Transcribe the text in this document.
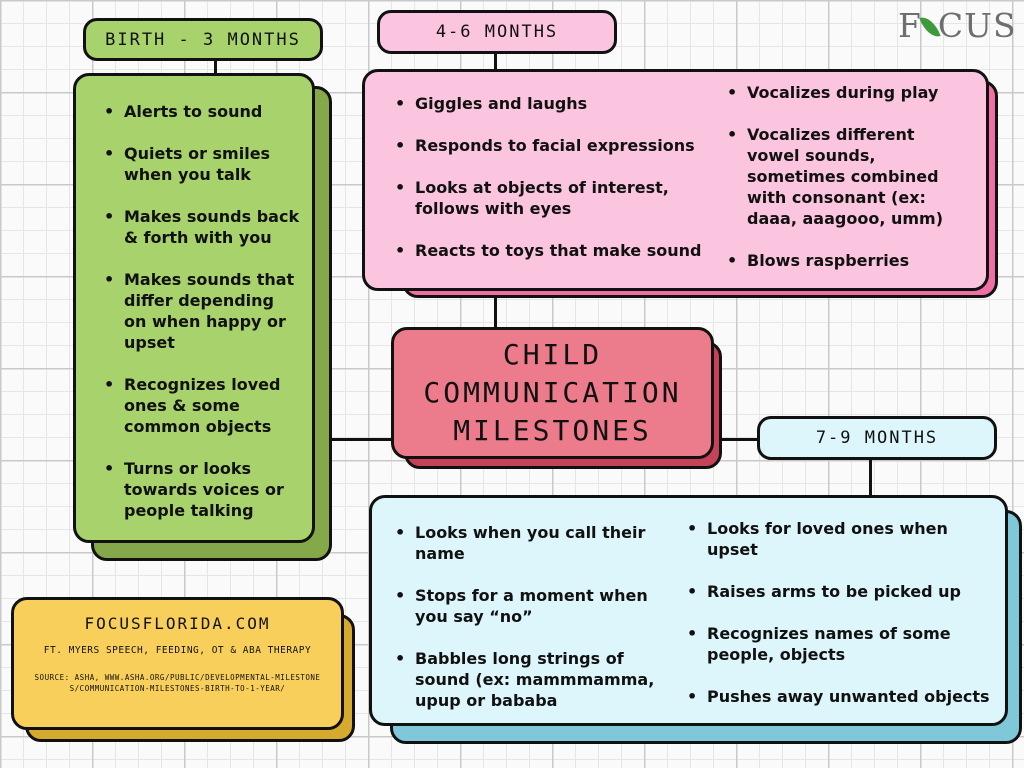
BIRTH - 3 MONTHS
• Alerts to sound
• Quiets or smiles when you talk
• Makes sounds back & forth with you
• Makes sounds that differ depending on when happy or upset
• Recognizes loved ones & some common objects
• Turns or looks towards voices or people talking
4-6 MONTHS
• Giggles and laughs
• Responds to facial expressions
• Looks at objects of interest, follows with eyes
• Reacts to toys that make sound
• Vocalizes during play
• Vocalizes different vowel sounds, sometimes combined with consonant (ex: daaa, aaagooo, umm)
• Blows raspberries
CHILD
COMMUNICATION
MILESTONES	7-9 MONTHS
• Looks when you call their name
• Stops for a moment when you say “no”
• Babbles long strings of sound (ex: mammmamma, upup or bababa
• Looks for loved ones when upset
• Raises arms to be picked up
• Recognizes names of some people, objects
• Pushes away unwanted objects
FOCUSFLORIDA.COM
FT. MYERS SPEECH, FEEDING, OT & ABA THERAPY
SOURCE: ASHA, WWW.ASHA.ORG/PUBLIC/DEVELOPMENTAL-MILESTONES/COMMUNICATION-MILESTONES-BIRTH-TO-1-YEAR/
F CUS
